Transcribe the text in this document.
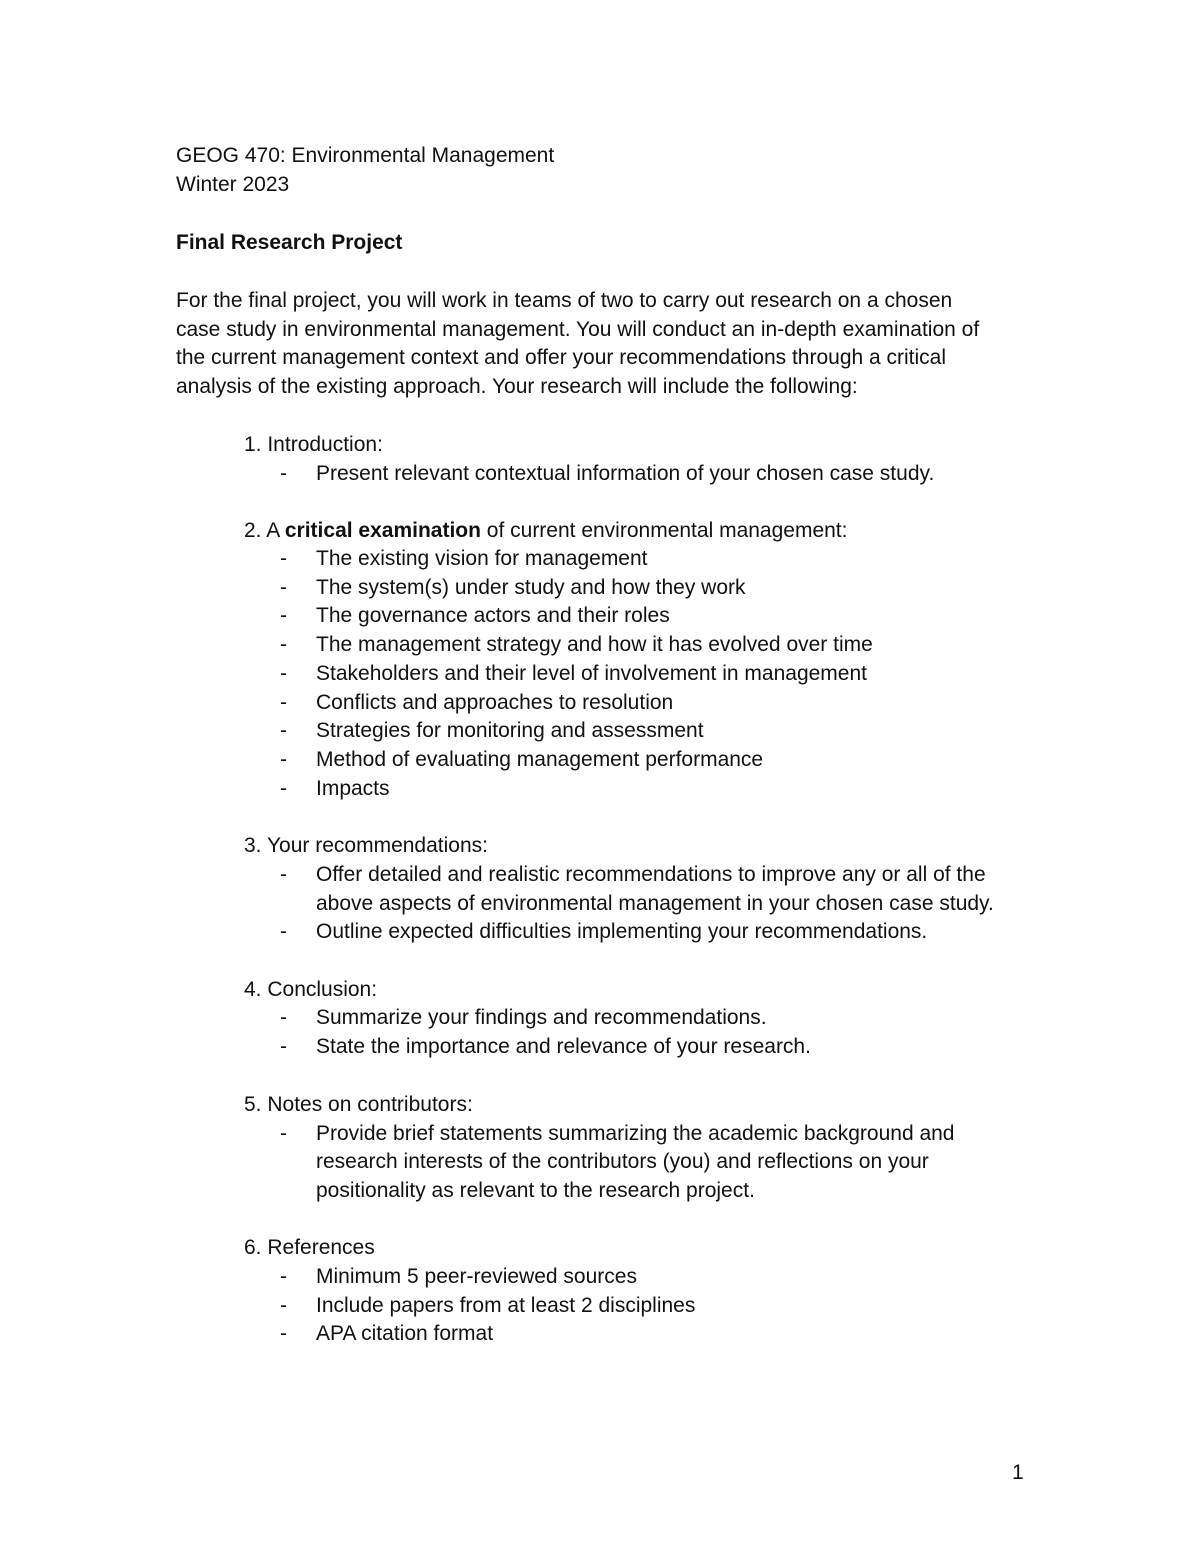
GEOG 470: Environmental Management
Winter 2023
Final Research Project
For the final project, you will work in teams of two to carry out research on a chosen
case study in environmental management. You will conduct an in-depth examination of
the current management context and offer your recommendations through a critical
analysis of the existing approach. Your research will include the following:
1. Introduction:
- Present relevant contextual information of your chosen case study.
2. A critical examination of current environmental management:
- The existing vision for management
- The system(s) under study and how they work
- The governance actors and their roles
- The management strategy and how it has evolved over time
- Stakeholders and their level of involvement in management
- Conflicts and approaches to resolution
- Strategies for monitoring and assessment
- Method of evaluating management performance
- Impacts
3. Your recommendations:
- Offer detailed and realistic recommendations to improve any or all of the
above aspects of environmental management in your chosen case study.
- Outline expected difficulties implementing your recommendations.
4. Conclusion:
- Summarize your findings and recommendations.
- State the importance and relevance of your research.
5. Notes on contributors:
- Provide brief statements summarizing the academic background and
research interests of the contributors (you) and reflections on your
positionality as relevant to the research project.
6. References
- Minimum 5 peer-reviewed sources
- Include papers from at least 2 disciplines
- APA citation format
1
